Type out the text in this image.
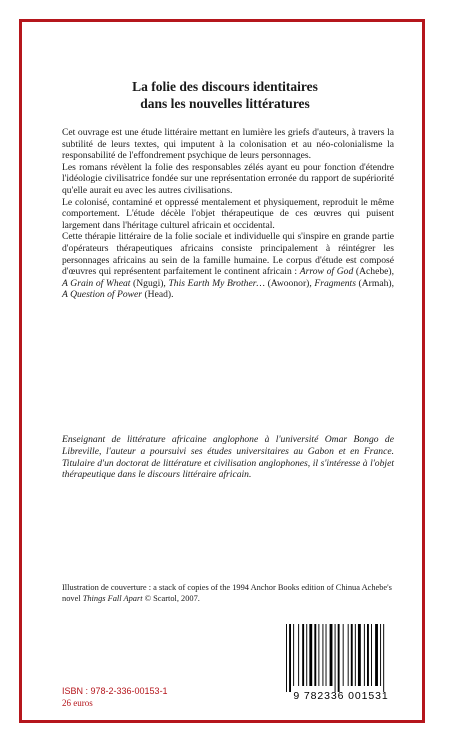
La folie des discours identitaires
dans les nouvelles littératures

Cet ouvrage est une étude littéraire mettant en lumière les griefs d'auteurs, à travers la subtilité de leurs textes, qui imputent à la colonisation et au néo-colonialisme la responsabilité de l'effondrement psychique de leurs personnages.

Les romans révèlent la folie des responsables zélés ayant eu pour fonction d'étendre l'idéologie civilisatrice fondée sur une représentation erronée du rapport de supériorité qu'elle aurait eu avec les autres civilisations.

Le colonisé, contaminé et oppressé mentalement et physiquement, reproduit le même comportement. L'étude décèle l'objet thérapeutique de ces œuvres qui puisent largement dans l'héritage culturel africain et occidental.

Cette thérapie littéraire de la folie sociale et individuelle qui s'inspire en grande partie d'opérateurs thérapeutiques africains consiste principalement à réintégrer les personnages africains au sein de la famille humaine. Le corpus d'étude est composé d'œuvres qui représentent parfaitement le continent africain : Arrow of God (Achebe), A Grain of Wheat (Ngugi), This Earth My Brother… (Awoonor), Fragments (Armah), A Question of Power (Head).

Enseignant de littérature africaine anglophone à l'université Omar Bongo de Libreville, l'auteur a poursuivi ses études universitaires au Gabon et en France. Titulaire d'un doctorat de littérature et civilisation anglophones, il s'intéresse à l'objet thérapeutique dans le discours littéraire africain.
Illustration de couverture : a stack of copies of the 1994 Anchor Books edition of Chinua Achebe's novel Things Fall Apart © Scartol, 2007.
ISBN : 978-2-336-00153-1
26 euros
9 782336 001531
